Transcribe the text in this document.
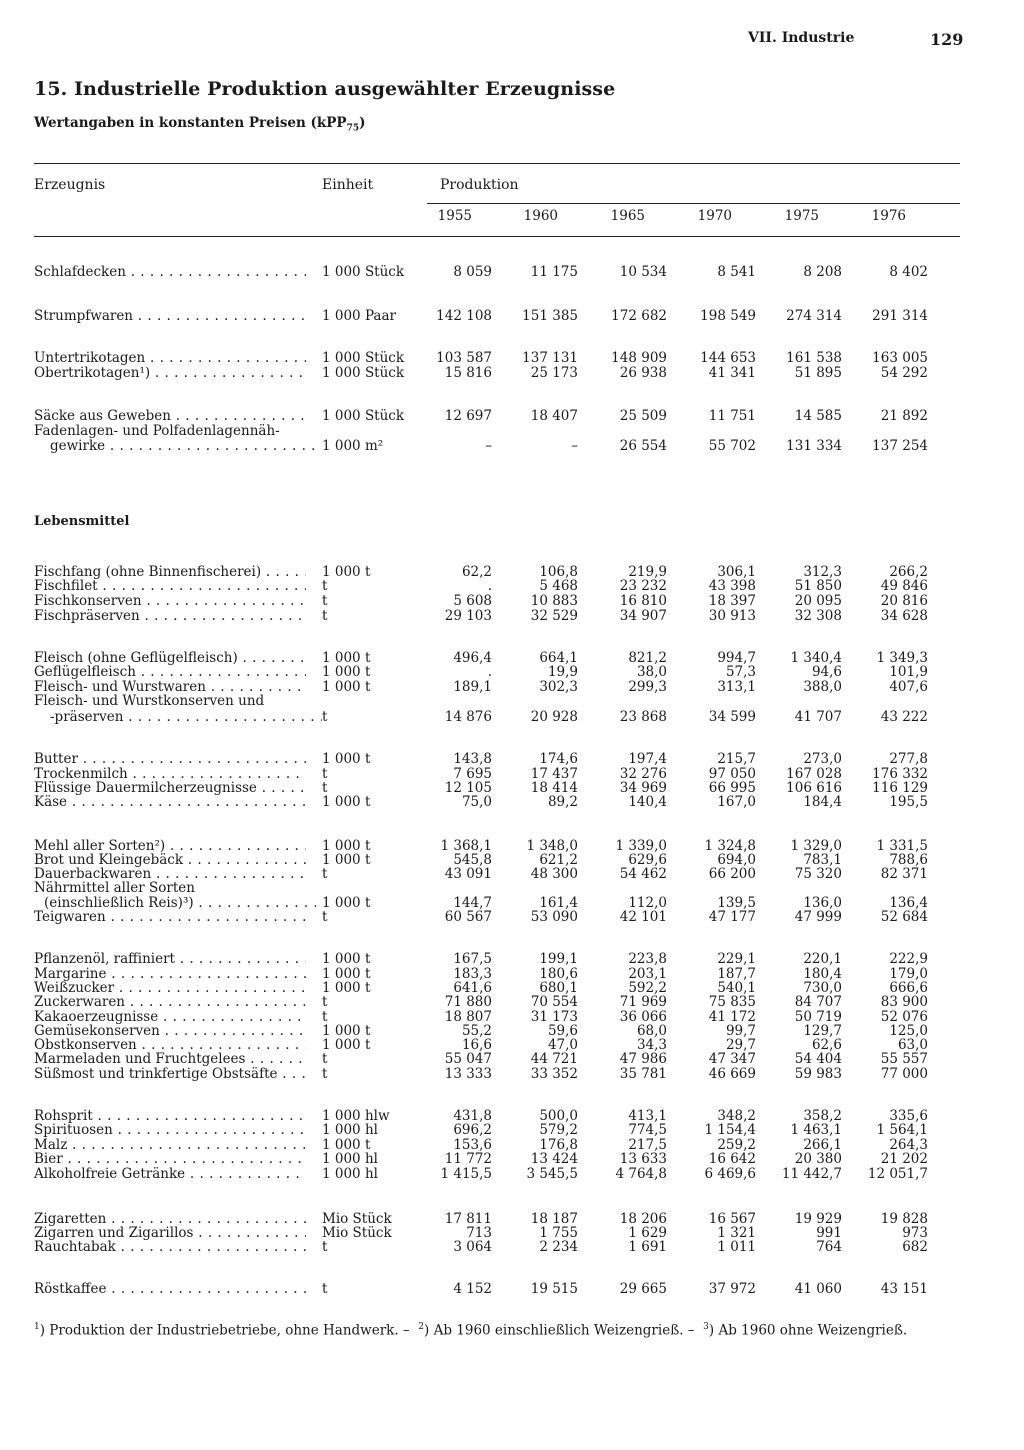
VII. Industrie	129
15. Industrielle Produktion ausgewählter Erzeugnisse
Wertangaben in konstanten Preisen (kPP$_{75}$)
Erzeugnis	Einheit	Produktion
1955	1960	1965	1970	1975	1976
Lebensmittel
Schlafdecken . . .	1 000 Stück	8 059	11 175	10 534	8 541	8 208	8 402
Strumpfwaren . . .	1 000 Paar	142 108	151 385	172 682	198 549	274 314	291 314
Untertrikotagen . . .	1 000 Stück	103 587	137 131	148 909	144 653	161 538	163 005
Obertrikotagen¹) . . .	1 000 Stück	15 816	25 173	26 938	41 341	51 895	54 292
Säcke aus Geweben . . .	1 000 Stück	12 697	18 407	25 509	11 751	14 585	21 892
Fadenlagen- und Polfadenlagennäh-
gewirke . . .	1 000 m²	–	–	26 554	55 702	131 334	137 254
Fischfang (ohne Binnenfischerei) . . .	1 000 t	62,2	106,8	219,9	306,1	312,3	266,2
Fischfilet . . .	t	.	5 468	23 232	43 398	51 850	49 846
Fischkonserven . . .	t	5 608	10 883	16 810	18 397	20 095	20 816
Fischpräserven . . .	t	29 103	32 529	34 907	30 913	32 308	34 628
Fleisch (ohne Geflügelfleisch) . . .	1 000 t	496,4	664,1	821,2	994,7	1 340,4	1 349,3
Geflügelfleisch . . .	1 000 t	.	19,9	38,0	57,3	94,6	101,9
Fleisch- und Wurstwaren . . .	1 000 t	189,1	302,3	299,3	313,1	388,0	407,6
Fleisch- und Wurstkonserven und
-präserven . . .	t	14 876	20 928	23 868	34 599	41 707	43 222
Butter . . .	1 000 t	143,8	174,6	197,4	215,7	273,0	277,8
Trockenmilch . . .	t	7 695	17 437	32 276	97 050	167 028	176 332
Flüssige Dauermilcherzeugnisse . . .	t	12 105	18 414	34 969	66 995	106 616	116 129
Käse . . .	1 000 t	75,0	89,2	140,4	167,0	184,4	195,5
Mehl aller Sorten²) . . .	1 000 t	1 368,1	1 348,0	1 339,0	1 324,8	1 329,0	1 331,5
Brot und Kleingebäck . . .	1 000 t	545,8	621,2	629,6	694,0	783,1	788,6
Dauerbackwaren . . .	t	43 091	48 300	54 462	66 200	75 320	82 371
Nährmittel aller Sorten
(einschließlich Reis)³) . . .	1 000 t	144,7	161,4	112,0	139,5	136,0	136,4
Teigwaren . . .	t	60 567	53 090	42 101	47 177	47 999	52 684
Pflanzenöl, raffiniert . . .	1 000 t	167,5	199,1	223,8	229,1	220,1	222,9
Margarine . . .	1 000 t	183,3	180,6	203,1	187,7	180,4	179,0
Weißzucker . . .	1 000 t	641,6	680,1	592,2	540,1	730,0	666,6
Zuckerwaren . . .	t	71 880	70 554	71 969	75 835	84 707	83 900
Kakaoerzeugnisse . . .	t	18 807	31 173	36 066	41 172	50 719	52 076
Gemüsekonserven . . .	1 000 t	55,2	59,6	68,0	99,7	129,7	125,0
Obstkonserven . . .	1 000 t	16,6	47,0	34,3	29,7	62,6	63,0
Marmeladen und Fruchtgelees . . .	t	55 047	44 721	47 986	47 347	54 404	55 557
Süßmost und trinkfertige Obstsäfte . . .	t	13 333	33 352	35 781	46 669	59 983	77 000
Rohsprit . . .	1 000 hlw	431,8	500,0	413,1	348,2	358,2	335,6
Spirituosen . . .	1 000 hl	696,2	579,2	774,5	1 154,4	1 463,1	1 564,1
Malz . . .	1 000 t	153,6	176,8	217,5	259,2	266,1	264,3
Bier . . .	1 000 hl	11 772	13 424	13 633	16 642	20 380	21 202
Alkoholfreie Getränke . . .	1 000 hl	1 415,5	3 545,5	4 764,8	6 469,6	11 442,7	12 051,7
Zigaretten . . .	Mio Stück	17 811	18 187	18 206	16 567	19 929	19 828
Zigarren und Zigarillos . . .	Mio Stück	713	1 755	1 629	1 321	991	973
Rauchtabak . . .	t	3 064	2 234	1 691	1 011	764	682
Röstkaffee . . .	t	4 152	19 515	29 665	37 972	41 060	43 151
$^1$) Produktion der Industriebetriebe, ohne Handwerk. – $^2$) Ab 1960 einschließlich Weizengrieß. – $^3$) Ab 1960 ohne Weizengrieß.
